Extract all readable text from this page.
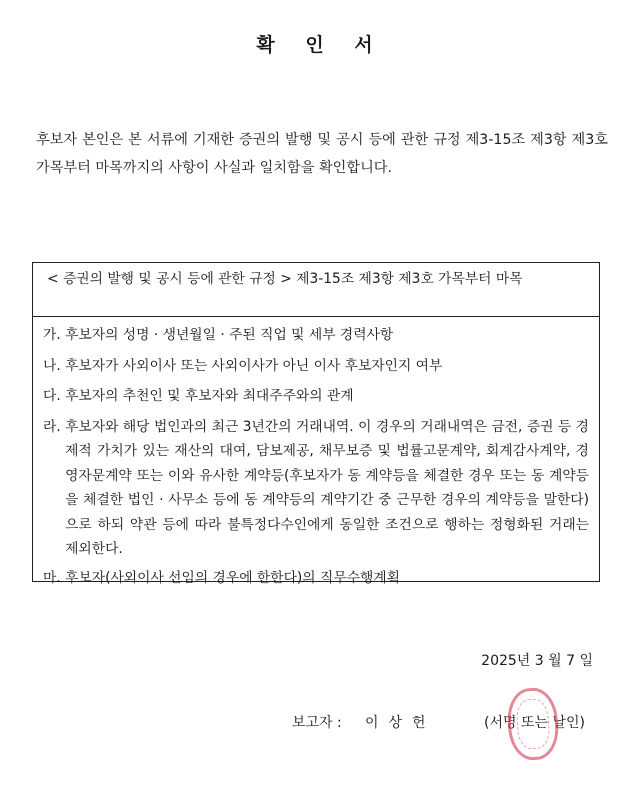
확 인 서
후보자 본인은 본 서류에 기재한 증권의 발행 및 공시 등에 관한 규정 제3-15조 제3항 제3호 가목부터 마목까지의 사항이 사실과 일치함을 확인합니다.
< 증권의 발행 및 공시 등에 관한 규정 > 제3-15조 제3항 제3호 가목부터 마목
가. 후보자의 성명 · 생년월일 · 주된 직업 및 세부 경력사항
나. 후보자가 사외이사 또는 사외이사가 아닌 이사 후보자인지 여부
다. 후보자의 추천인 및 후보자와 최대주주와의 관계
라. 후보자와 해당 법인과의 최근 3년간의 거래내역. 이 경우의 거래내역은 금전, 증권 등 경제적 가치가 있는 재산의 대여, 담보제공, 채무보증 및 법률고문계약, 회계감사계약, 경영자문계약 또는 이와 유사한 계약등(후보자가 동 계약등을 체결한 경우 또는 동 계약등을 체결한 법인 · 사무소 등에 동 계약등의 계약기간 중 근무한 경우의 계약등을 말한다)으로 하되 약관 등에 따라 불특정다수인에게 동일한 조건으로 행하는 정형화된 거래는 제외한다.
마. 후보자(사외이사 선임의 경우에 한한다)의 직무수행계획
2025년 3 월 7 일
보고자 : 이상헌	(서명 또는 날인)
